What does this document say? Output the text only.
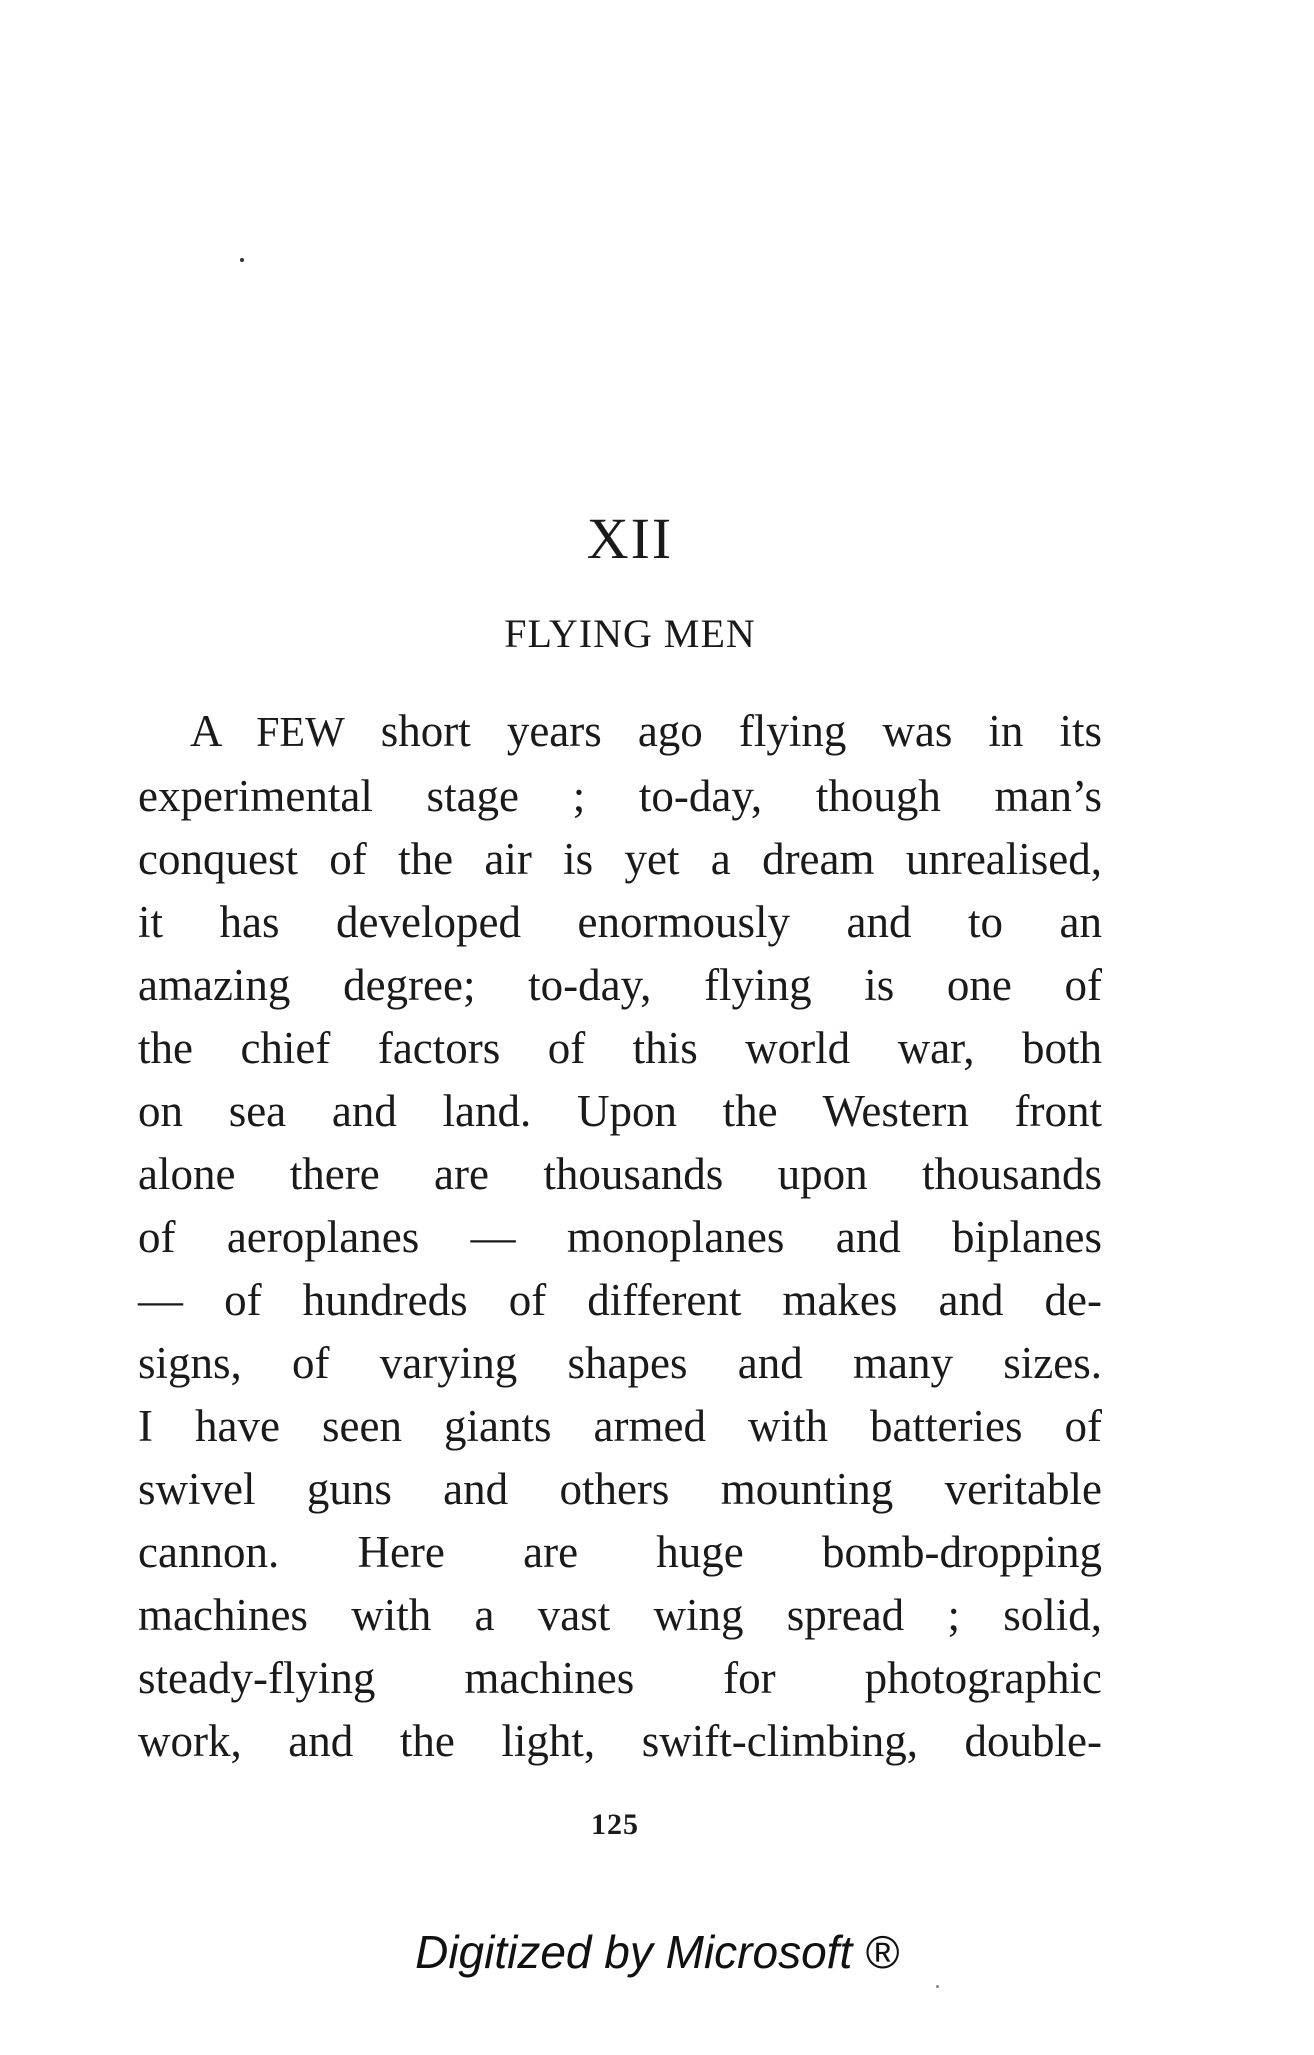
XII
FLYING MEN
A FEW short years ago flying was in its
experimental stage ; to-day, though man’s
conquest of the air is yet a dream unrealised,
it has developed enormously and to an
amazing degree; to-day, flying is one of
the chief factors of this world war, both
on sea and land. Upon the Western front
alone there are thousands upon thousands
of aeroplanes — monoplanes and biplanes
— of hundreds of different makes and de-
signs, of varying shapes and many sizes.
I have seen giants armed with batteries of
swivel guns and others mounting veritable
cannon. Here are huge bomb-dropping
machines with a vast wing spread ; solid,
steady-flying machines for photographic
work, and the light, swift-climbing, double-
125
Digitized by Microsoft ®
